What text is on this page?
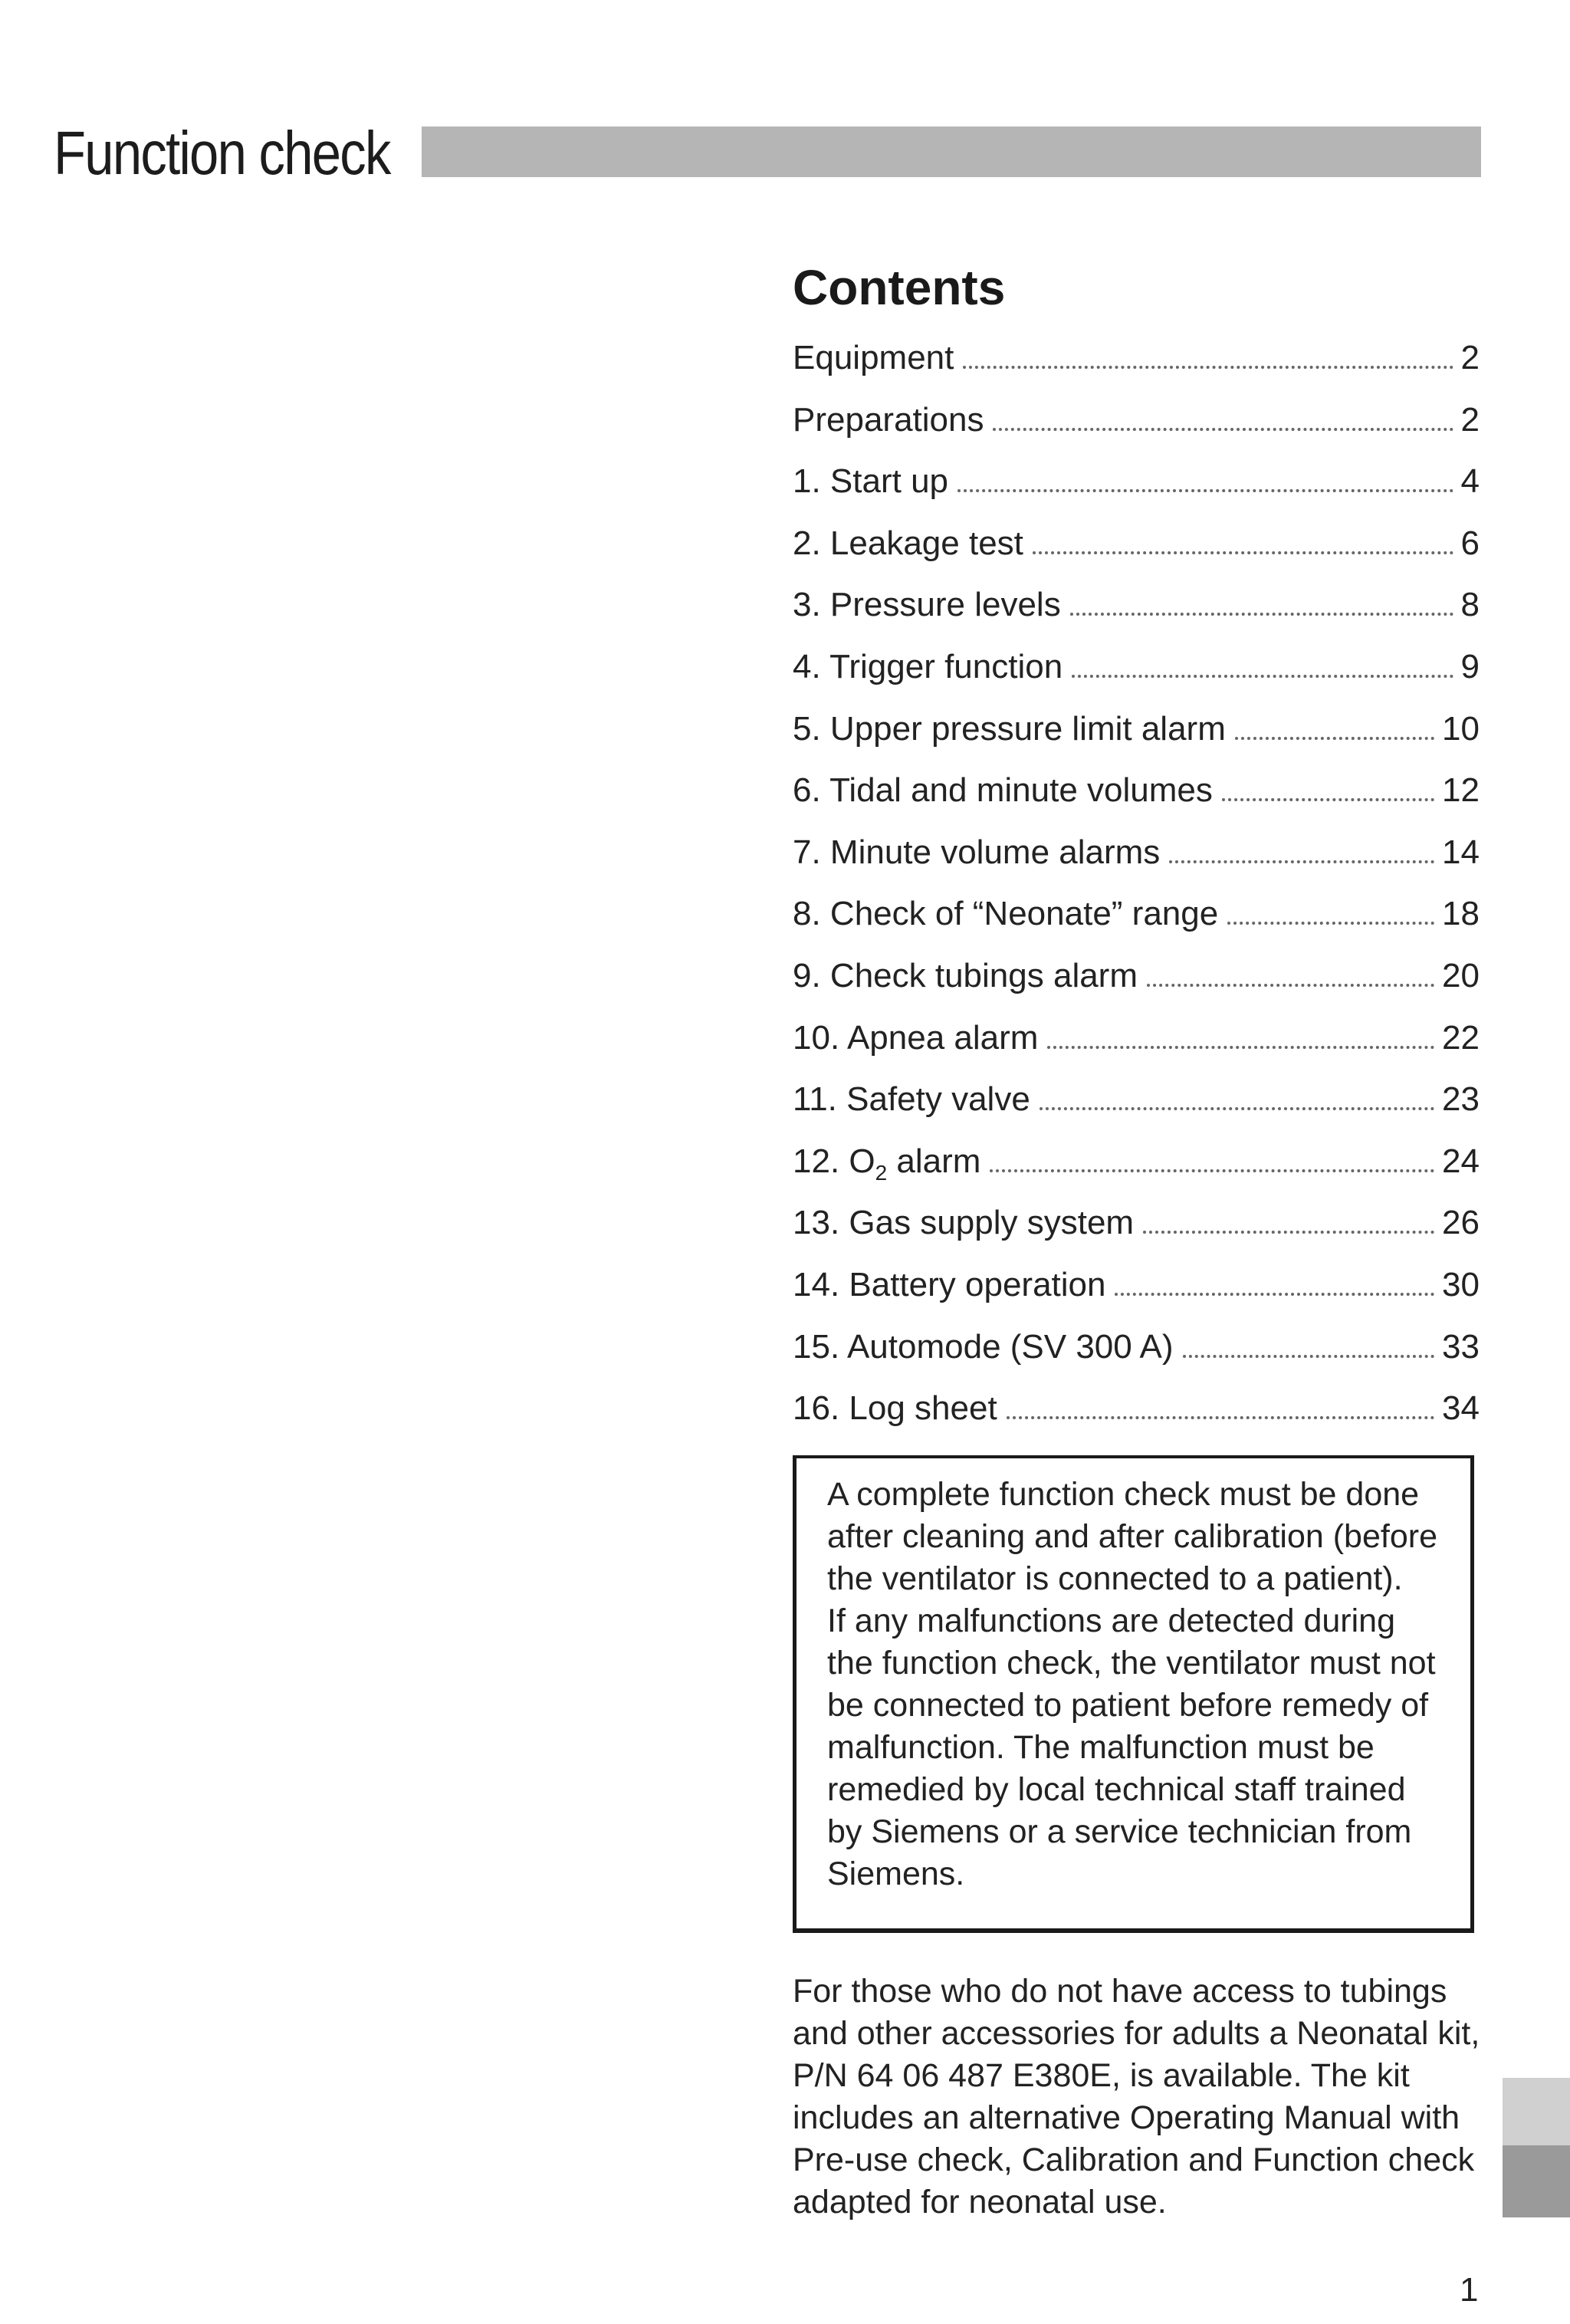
Function check
Contents
Equipment	2
Preparations	2
1. Start up	4
2. Leakage test	6
3. Pressure levels	8
4. Trigger function	9
5. Upper pressure limit alarm	10
6. Tidal and minute volumes	12
7. Minute volume alarms	14
8. Check of “Neonate” range	18
9. Check tubings alarm	20
10. Apnea alarm	22
11. Safety valve	23
12. $O_2$ alarm	24
13. Gas supply system	26
14. Battery operation	30
15. Automode (SV 300 A)	33
16. Log sheet	34

A complete function check must be done after cleaning and after calibration (before the ventilator is connected to a patient).

If any malfunctions are detected during the function check, the ventilator must not be connected to patient before remedy of malfunction. The malfunction must be remedied by local technical staff trained by Siemens or a service technician from Siemens.

For those who do not have access to tubings and other accessories for adults a Neonatal kit, P/N 64 06 487 E380E, is available. The kit includes an alternative Operating Manual with Pre-use check, Calibration and Function check adapted for neonatal use.

1
